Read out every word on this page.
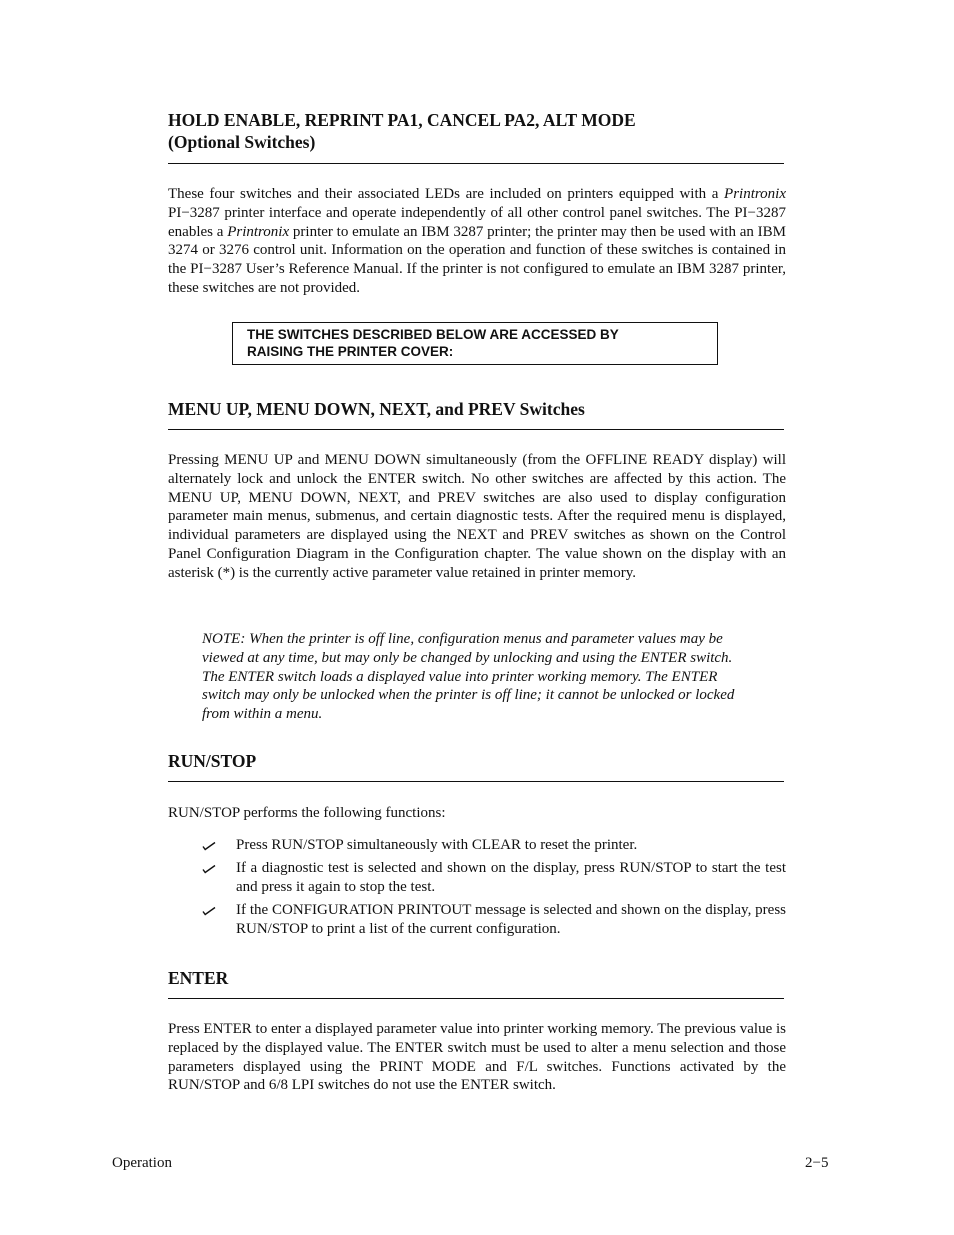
HOLD ENABLE, REPRINT PA1, CANCEL PA2, ALT MODE
(Optional Switches)

These four switches and their associated LEDs are included on printers equipped with a Printronix PI−3287 printer interface and operate independently of all other control panel switches. The PI−3287 enables a Printronix printer to emulate an IBM 3287 printer; the printer may then be used with an IBM 3274 or 3276 control unit. Information on the operation and function of these switches is contained in the PI−3287 User’s Reference Manual. If the printer is not configured to emulate an IBM 3287 printer, these switches are not provided.

THE SWITCHES DESCRIBED BELOW ARE ACCESSED BY
RAISING THE PRINTER COVER:
MENU UP, MENU DOWN, NEXT, and PREV Switches

Pressing MENU UP and MENU DOWN simultaneously (from the OFFLINE READY display) will alternately lock and unlock the ENTER switch. No other switches are affected by this action. The MENU UP, MENU DOWN, NEXT, and PREV switches are also used to display configuration parameter main menus, submenus, and certain diagnostic tests. After the required menu is displayed, individual parameters are displayed using the NEXT and PREV switches as shown on the Control Panel Configuration Diagram in the Configuration chapter. The value shown on the display with an asterisk (*) is the currently active parameter value retained in printer memory.

NOTE: When the printer is off line, configuration menus and parameter values may be viewed at any time, but may only be changed by unlocking and using the ENTER switch. The ENTER switch loads a displayed value into printer working memory. The ENTER switch may only be unlocked when the printer is off line; it cannot be unlocked or locked from within a menu.

RUN/STOP

RUN/STOP performs the following functions:

Press RUN/STOP simultaneously with CLEAR to reset the printer.
If a diagnostic test is selected and shown on the display, press RUN/STOP to start the test and press it again to stop the test.
If the CONFIGURATION PRINTOUT message is selected and shown on the display, press RUN/STOP to print a list of the current configuration.
ENTER

Press ENTER to enter a displayed parameter value into printer working memory. The previous value is replaced by the displayed value. The ENTER switch must be used to alter a menu selection and those parameters displayed using the PRINT MODE and F/L switches. Functions activated by the RUN/STOP and 6/8 LPI switches do not use the ENTER switch.

Operation	2−5
